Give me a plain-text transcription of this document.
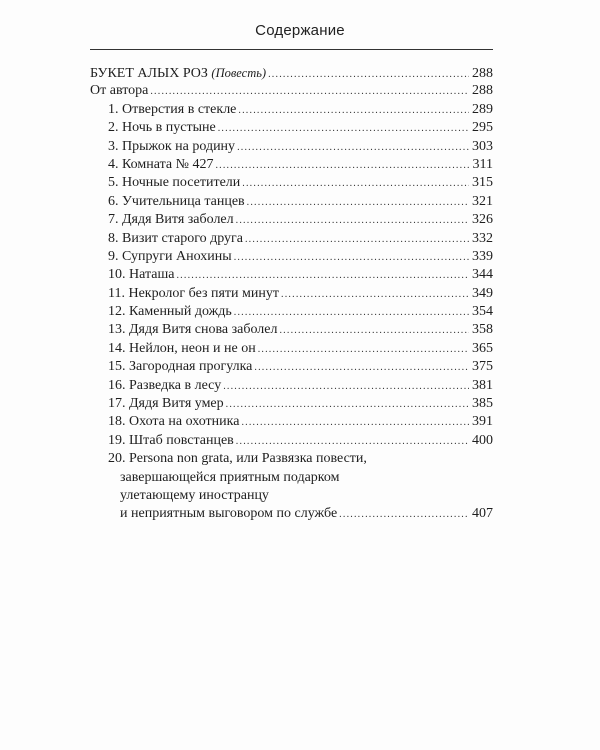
Содержание
БУКЕТ АЛЫХ РОЗ (Повесть) .....	288
От автора .....	288
1. Отверстия в стекле .....	289
2. Ночь в пустыне .....	295
3. Прыжок на родину .....	303
4. Комната № 427 .....	311
5. Ночные посетители .....	315
6. Учительница танцев .....	321
7. Дядя Витя заболел .....	326
8. Визит старого друга .....	332
9. Супруги Анохины .....	339
10. Наташа .....	344
11. Некролог без пяти минут .....	349
12. Каменный дождь .....	354
13. Дядя Витя снова заболел .....	358
14. Нейлон, неон и не он .....	365
15. Загородная прогулка .....	375
16. Разведка в лесу .....	381
17. Дядя Витя умер .....	385
18. Охота на охотника .....	391
19. Штаб повстанцев .....	400
20. Persona non grata, или Развязка повести,
завершающейся приятным подарком
улетающему иностранцу
и неприятным выговором по службе .....	407
